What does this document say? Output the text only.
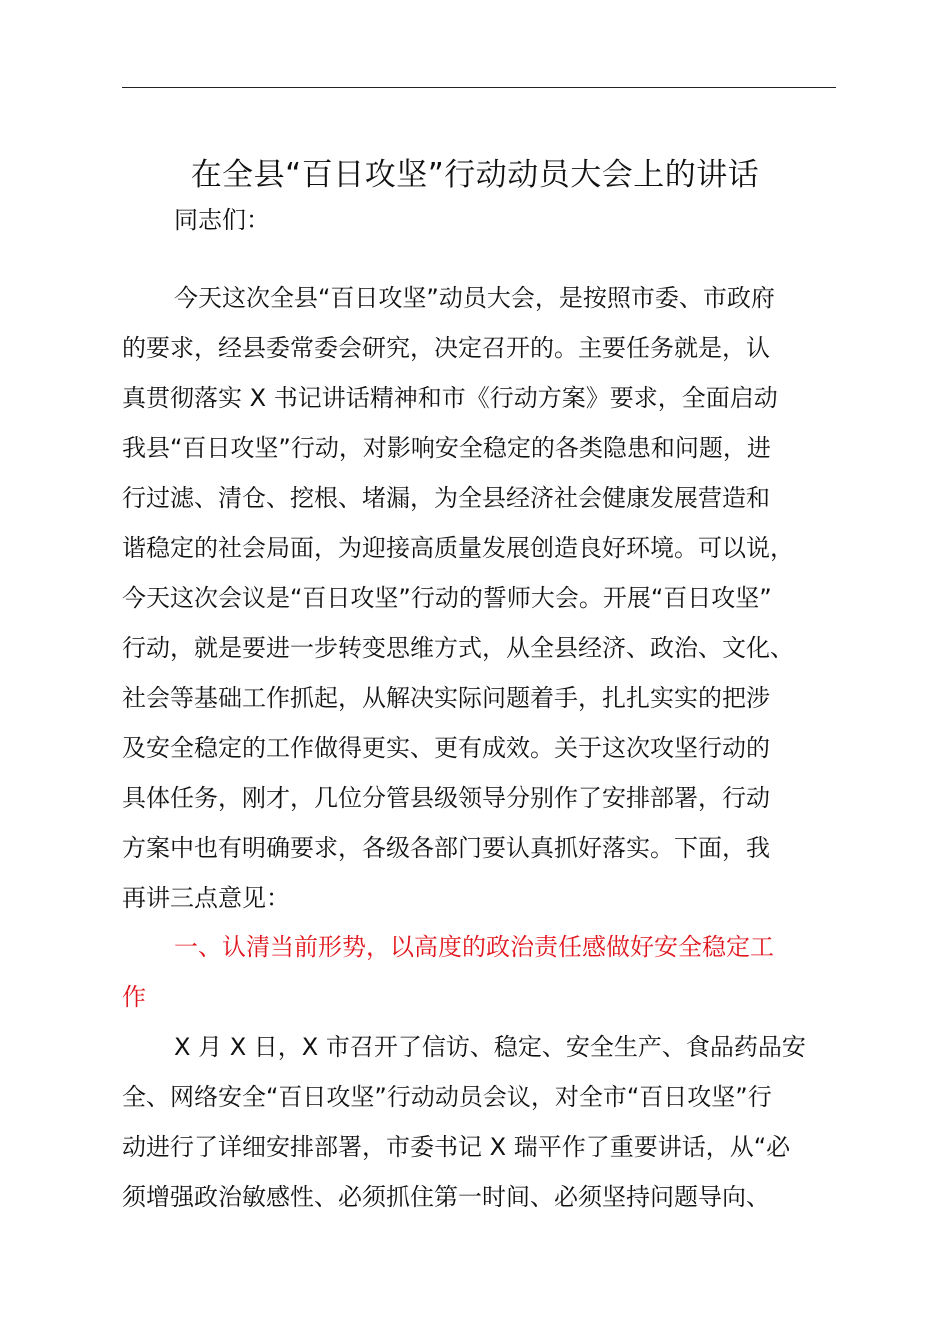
在全县“百日攻坚”行动动员大会上的讲话
同志们：
今天这次全县“百日攻坚”动员大会，是按照市委、市政府
的要求，经县委常委会研究，决定召开的。主要任务就是，认
真贯彻落实 X 书记讲话精神和市《行动方案》要求，全面启动
我县“百日攻坚”行动，对影响安全稳定的各类隐患和问题，进
行过滤、清仓、挖根、堵漏，为全县经济社会健康发展营造和
谐稳定的社会局面，为迎接高质量发展创造良好环境。可以说，
今天这次会议是“百日攻坚”行动的誓师大会。开展“百日攻坚”
行动，就是要进一步转变思维方式，从全县经济、政治、文化、
社会等基础工作抓起，从解决实际问题着手，扎扎实实的把涉
及安全稳定的工作做得更实、更有成效。关于这次攻坚行动的
具体任务，刚才，几位分管县级领导分别作了安排部署，行动
方案中也有明确要求，各级各部门要认真抓好落实。下面，我
再讲三点意见：
一、认清当前形势，以高度的政治责任感做好安全稳定工
作
X 月 X 日，X 市召开了信访、稳定、安全生产、食品药品安
全、网络安全“百日攻坚”行动动员会议，对全市“百日攻坚”行
动进行了详细安排部署，市委书记 X 瑞平作了重要讲话，从“必
须增强政治敏感性、必须抓住第一时间、必须坚持问题导向、
